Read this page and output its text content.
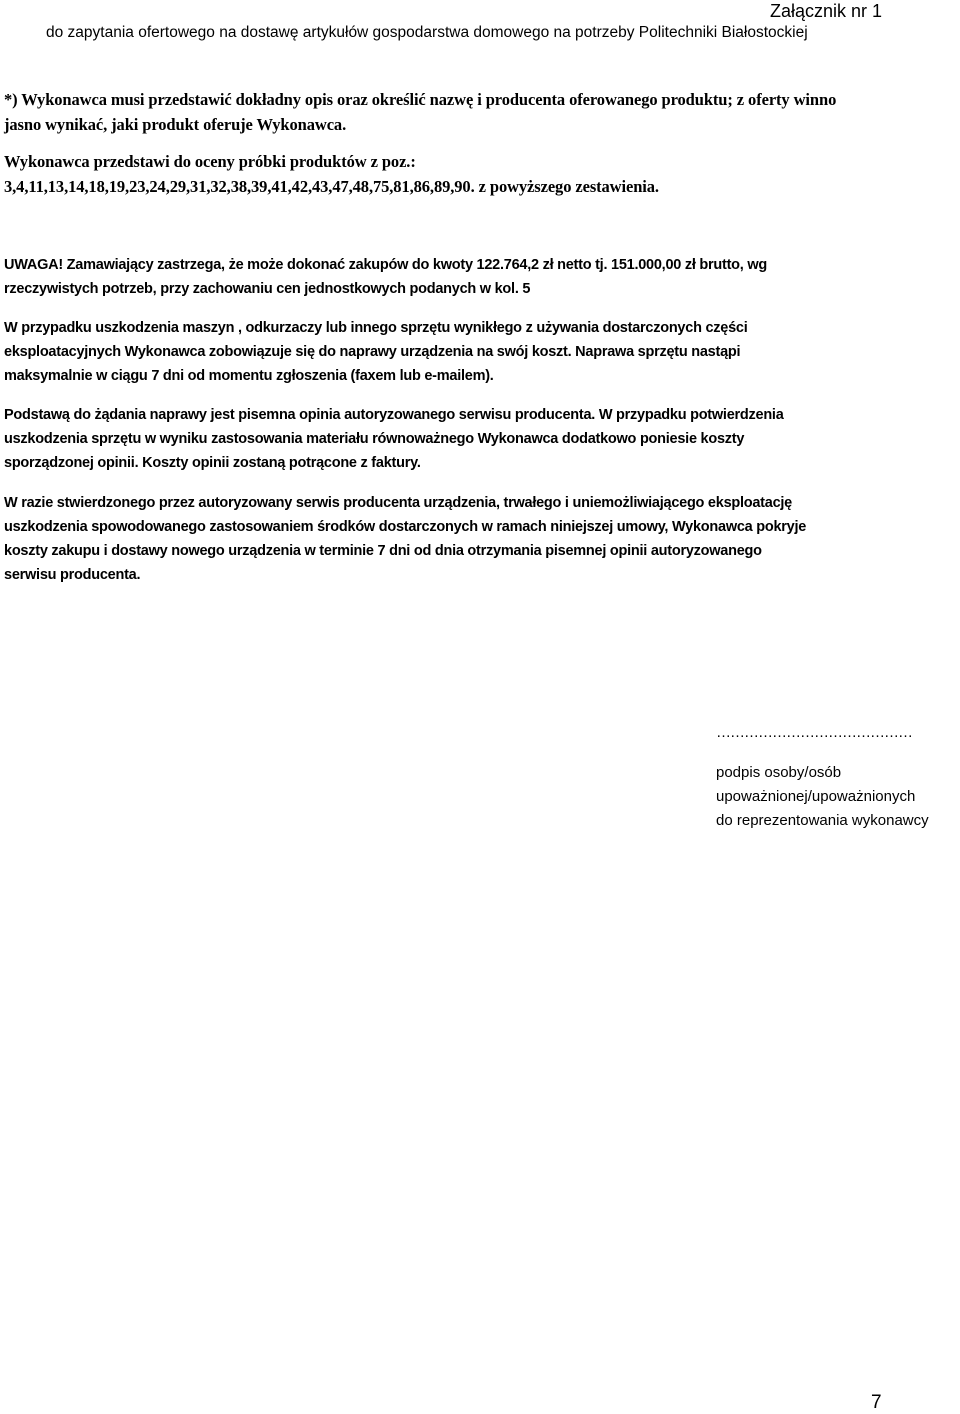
Załącznik nr 1
do zapytania ofertowego na dostawę artykułów gospodarstwa domowego na potrzeby Politechniki Białostockiej
*) Wykonawca musi przedstawić dokładny opis oraz określić nazwę i producenta oferowanego produktu; z oferty winno
jasno wynikać, jaki produkt oferuje Wykonawca.
Wykonawca przedstawi do oceny próbki produktów z poz.:
3,4,11,13,14,18,19,23,24,29,31,32,38,39,41,42,43,47,48,75,81,86,89,90. z powyższego zestawienia.
UWAGA! Zamawiający zastrzega, że może dokonać zakupów do kwoty 122.764,2 zł netto tj. 151.000,00 zł brutto, wg
rzeczywistych potrzeb, przy zachowaniu cen jednostkowych podanych w kol. 5
W przypadku uszkodzenia maszyn , odkurzaczy lub innego sprzętu wynikłego z używania dostarczonych części
eksploatacyjnych Wykonawca zobowiązuje się do naprawy urządzenia na swój koszt. Naprawa sprzętu nastąpi
maksymalnie w ciągu 7 dni od momentu zgłoszenia (faxem lub e-mailem).
Podstawą do żądania naprawy jest pisemna opinia autoryzowanego serwisu producenta. W przypadku potwierdzenia
uszkodzenia sprzętu w wyniku zastosowania materiału równoważnego Wykonawca dodatkowo poniesie koszty
sporządzonej opinii. Koszty opinii zostaną potrącone z faktury.
W razie stwierdzonego przez autoryzowany serwis producenta urządzenia, trwałego i uniemożliwiającego eksploatację
uszkodzenia spowodowanego zastosowaniem środków dostarczonych w ramach niniejszej umowy, Wykonawca pokryje
koszty zakupu i dostawy nowego urządzenia w terminie 7 dni od dnia otrzymania pisemnej opinii autoryzowanego
serwisu producenta.
……………………………………
podpis osoby/osób
upoważnionej/upoważnionych
do reprezentowania wykonawcy
7
